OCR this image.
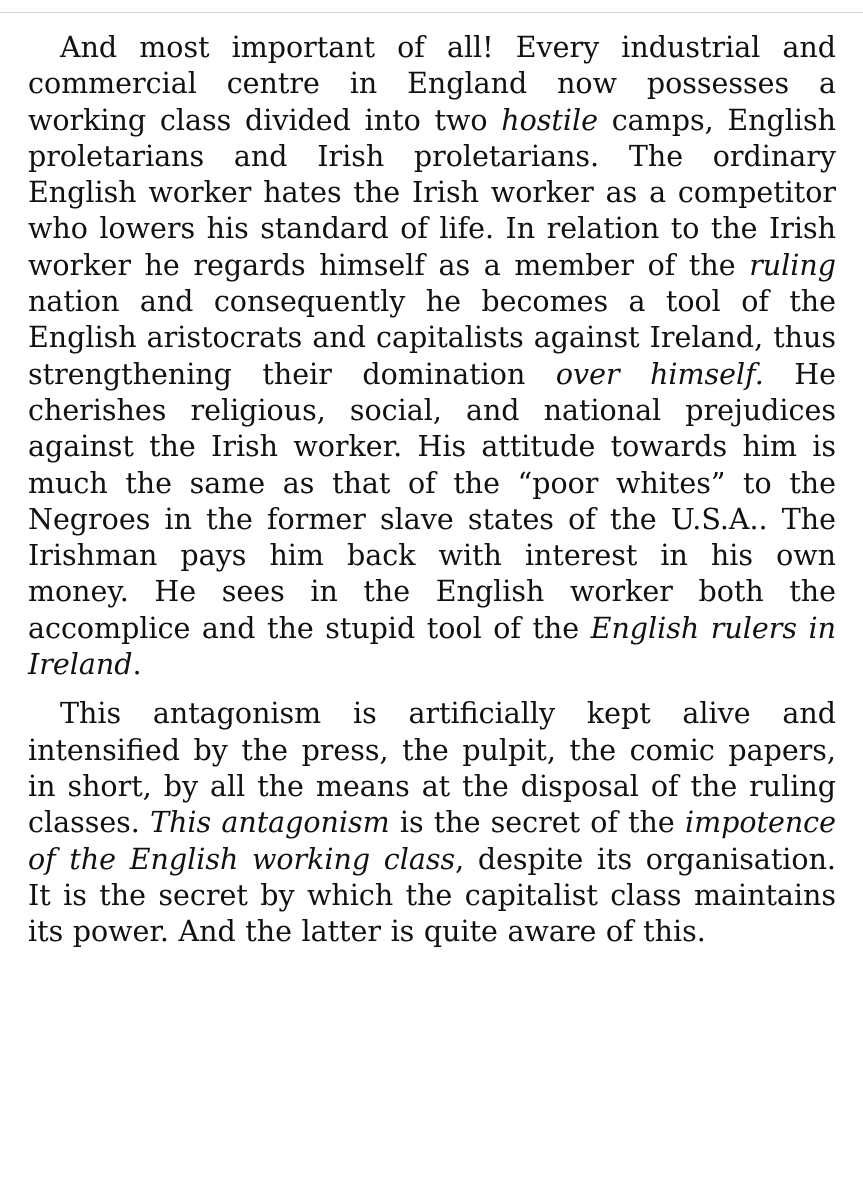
And most important of all! Every industrial and commercial centre in England now possesses a working class divided into two hostile camps, English proletarians and Irish proletarians. The ordinary English worker hates the Irish worker as a competitor who lowers his standard of life. In relation to the Irish worker he regards himself as a member of the ruling nation and consequently he becomes a tool of the English aristocrats and capitalists against Ireland, thus strengthening their domination over himself. He cherishes religious, social, and national prejudices against the Irish worker. His attitude towards him is much the same as that of the “poor whites” to the Negroes in the former slave states of the U.S.A.. The Irishman pays him back with interest in his own money. He sees in the English worker both the accomplice and the stupid tool of the English rulers in Ireland.

This antagonism is artificially kept alive and intensified by the press, the pulpit, the comic papers, in short, by all the means at the disposal of the ruling classes. This antagonism is the secret of the impotence of the English working class, despite its organisation. It is the secret by which the capitalist class maintains its power. And the latter is quite aware of this.
